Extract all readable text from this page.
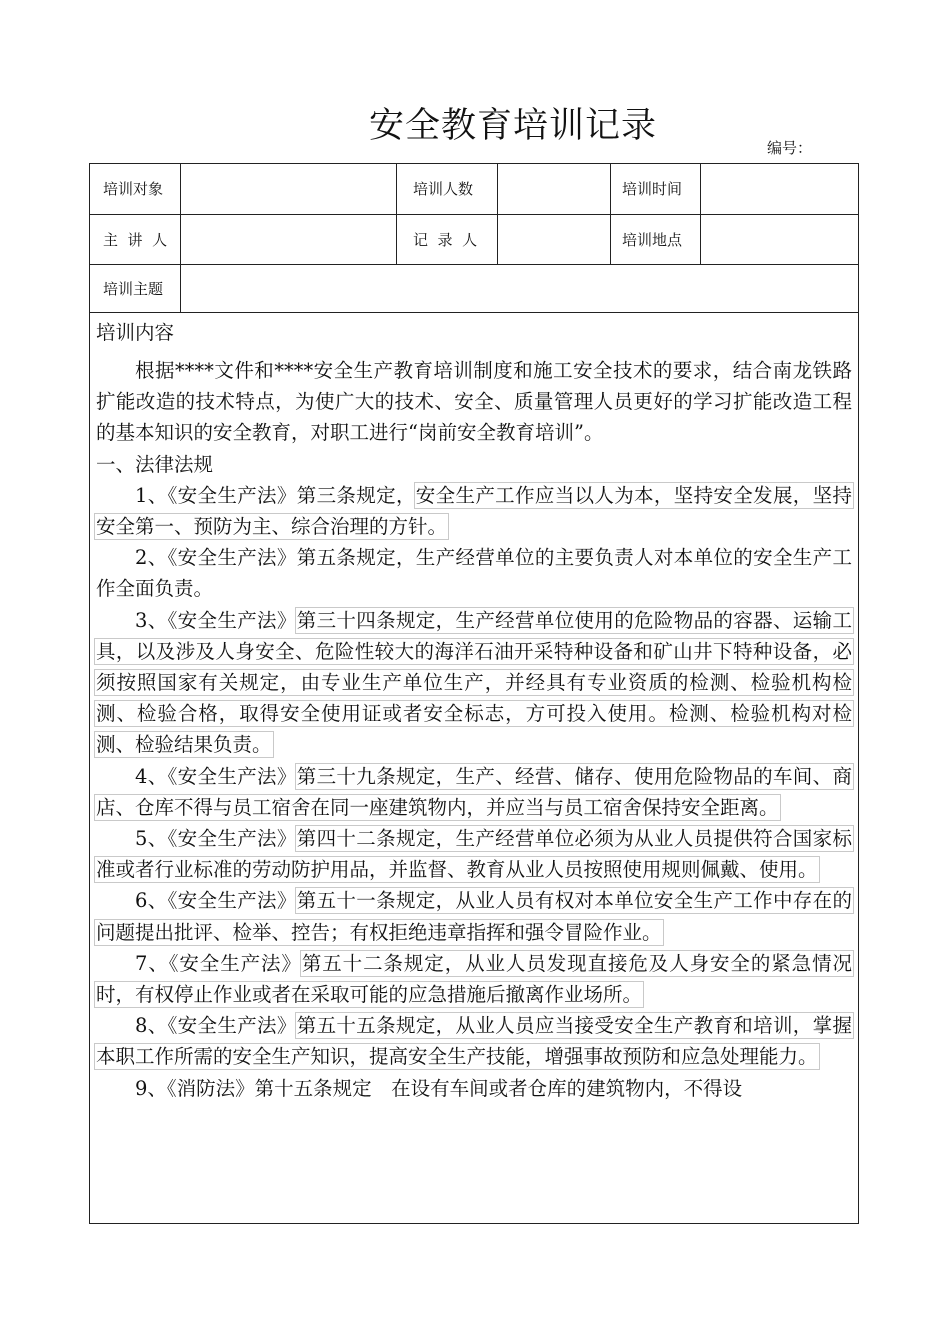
安全教育培训记录
编号：
培训对象	培训人数	培训时间
主  讲  人	记  录  人	培训地点
培训主题

培训内容

根据****文件和****安全生产教育培训制度和施工安全技术的要求，结合南龙铁路扩能改造的技术特点，为使广大的技术、安全、质量管理人员更好的学习扩能改造工程的基本知识的安全教育，对职工进行“岗前安全教育培训”。

一、法律法规

1、《安全生产法》第三条规定，安全生产工作应当以人为本，坚持安全发展，坚持安全第一、预防为主、综合治理的方针。

2、《安全生产法》第五条规定，生产经营单位的主要负责人对本单位的安全生产工作全面负责。

3、《安全生产法》第三十四条规定，生产经营单位使用的危险物品的容器、运输工具，以及涉及人身安全、危险性较大的海洋石油开采特种设备和矿山井下特种设备，必须按照国家有关规定，由专业生产单位生产，并经具有专业资质的检测、检验机构检测、检验合格，取得安全使用证或者安全标志，方可投入使用。检测、检验机构对检测、检验结果负责。

4、《安全生产法》第三十九条规定，生产、经营、储存、使用危险物品的车间、商店、仓库不得与员工宿舍在同一座建筑物内，并应当与员工宿舍保持安全距离。

5、《安全生产法》第四十二条规定，生产经营单位必须为从业人员提供符合国家标准或者行业标准的劳动防护用品，并监督、教育从业人员按照使用规则佩戴、使用。

6、《安全生产法》第五十一条规定，从业人员有权对本单位安全生产工作中存在的问题提出批评、检举、控告；有权拒绝违章指挥和强令冒险作业。

7、《安全生产法》第五十二条规定，从业人员发现直接危及人身安全的紧急情况时，有权停止作业或者在采取可能的应急措施后撤离作业场所。

8、《安全生产法》第五十五条规定，从业人员应当接受安全生产教育和培训，掌握本职工作所需的安全生产知识，提高安全生产技能，增强事故预防和应急处理能力。

9、《消防法》第十五条规定　在设有车间或者仓库的建筑物内，不得设
